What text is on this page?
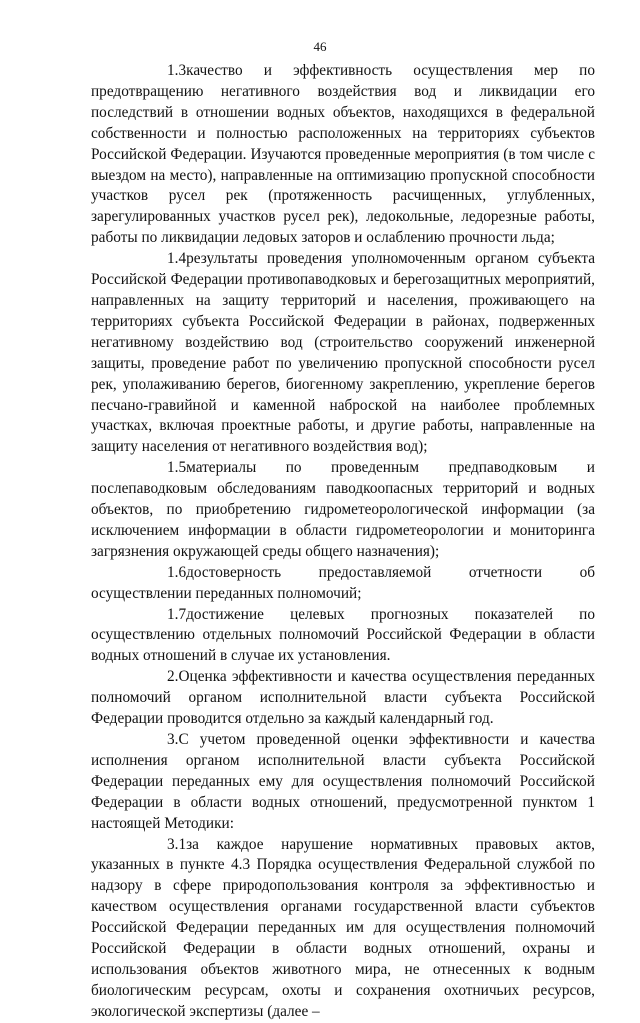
46

1.3качество и эффективность осуществления мер по предотвращению негативного воздействия вод и ликвидации его последствий в отношении водных объектов, находящихся в федеральной собственности и полностью расположенных на территориях субъектов Российской Федерации. Изучаются проведенные мероприятия (в том числе с выездом на место), направленные на оптимизацию пропускной способности участков русел рек (протяженность расчищенных, углубленных, зарегулированных участков русел рек), ледокольные, ледорезные работы, работы по ликвидации ледовых заторов и ослаблению прочности льда;

1.4результаты проведения уполномоченным органом субъекта Российской Федерации противопаводковых и берегозащитных мероприятий, направленных на защиту территорий и населения, проживающего на территориях субъекта Российской Федерации в районах, подверженных негативному воздействию вод (строительство сооружений инженерной защиты, проведение работ по увеличению пропускной способности русел рек, уполаживанию берегов, биогенному закреплению, укрепление берегов песчано-гравийной и каменной наброской на наиболее проблемных участках, включая проектные работы, и другие работы, направленные на защиту населения от негативного воздействия вод);

1.5материалы по проведенным предпаводковым и послепаводковым обследованиям паводкоопасных территорий и водных объектов, по приобретению гидрометеорологической информации (за исключением информации в области гидрометеорологии и мониторинга загрязнения окружающей среды общего назначения);

1.6достоверность предоставляемой отчетности об осуществлении переданных полномочий;

1.7достижение целевых прогнозных показателей по осуществлению отдельных полномочий Российской Федерации в области водных отношений в случае их установления.

2.Оценка эффективности и качества осуществления переданных полномочий органом исполнительной власти субъекта Российской Федерации проводится отдельно за каждый календарный год.

3.С учетом проведенной оценки эффективности и качества исполнения органом исполнительной власти субъекта Российской Федерации переданных ему для осуществления полномочий Российской Федерации в области водных отношений, предусмотренной пунктом 1 настоящей Методики:

3.1за каждое нарушение нормативных правовых актов, указанных в пункте 4.3 Порядка осуществления Федеральной службой по надзору в сфере природопользования контроля за эффективностью и качеством осуществления органами государственной власти субъектов Российской Федерации переданных им для осуществления полномочий Российской Федерации в области водных отношений, охраны и использования объектов животного мира, не отнесенных к водным биологическим ресурсам, охоты и сохранения охотничьих ресурсов, экологической экспертизы (далее –
